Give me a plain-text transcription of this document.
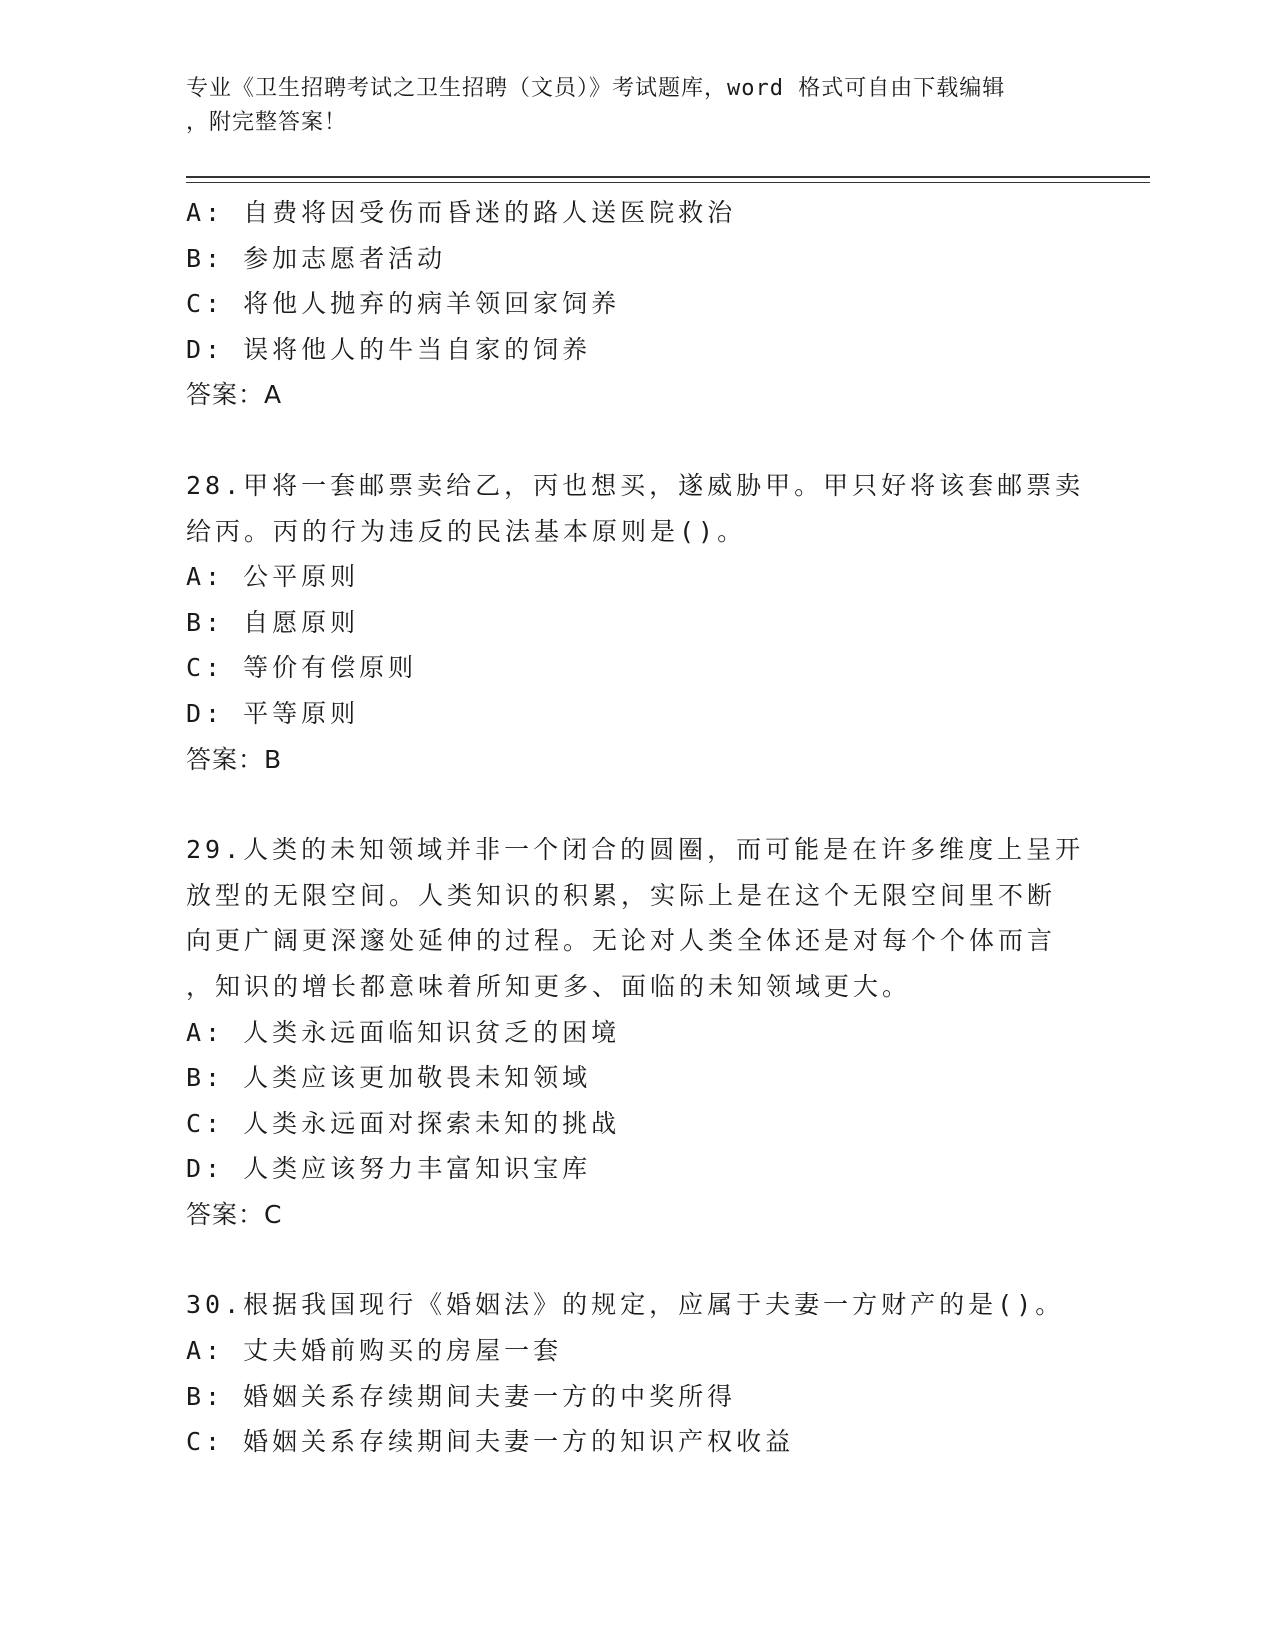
专业《卫生招聘考试之卫生招聘（文员）》考试题库，word 格式可自由下载编辑
，附完整答案！
A: 自费将因受伤而昏迷的路人送医院救治
B: 参加志愿者活动
C: 将他人抛弃的病羊领回家饲养
D: 误将他人的牛当自家的饲养
答案：A
28.甲将一套邮票卖给乙，丙也想买，遂威胁甲。甲只好将该套邮票卖
给丙。丙的行为违反的民法基本原则是()。
A: 公平原则
B: 自愿原则
C: 等价有偿原则
D: 平等原则
答案：B
29.人类的未知领域并非一个闭合的圆圈，而可能是在许多维度上呈开
放型的无限空间。人类知识的积累，实际上是在这个无限空间里不断
向更广阔更深邃处延伸的过程。无论对人类全体还是对每个个体而言
，知识的增长都意味着所知更多、面临的未知领域更大。
A: 人类永远面临知识贫乏的困境
B: 人类应该更加敬畏未知领域
C: 人类永远面对探索未知的挑战
D: 人类应该努力丰富知识宝库
答案：C
30.根据我国现行《婚姻法》的规定，应属于夫妻一方财产的是()。
A: 丈夫婚前购买的房屋一套
B: 婚姻关系存续期间夫妻一方的中奖所得
C: 婚姻关系存续期间夫妻一方的知识产权收益
